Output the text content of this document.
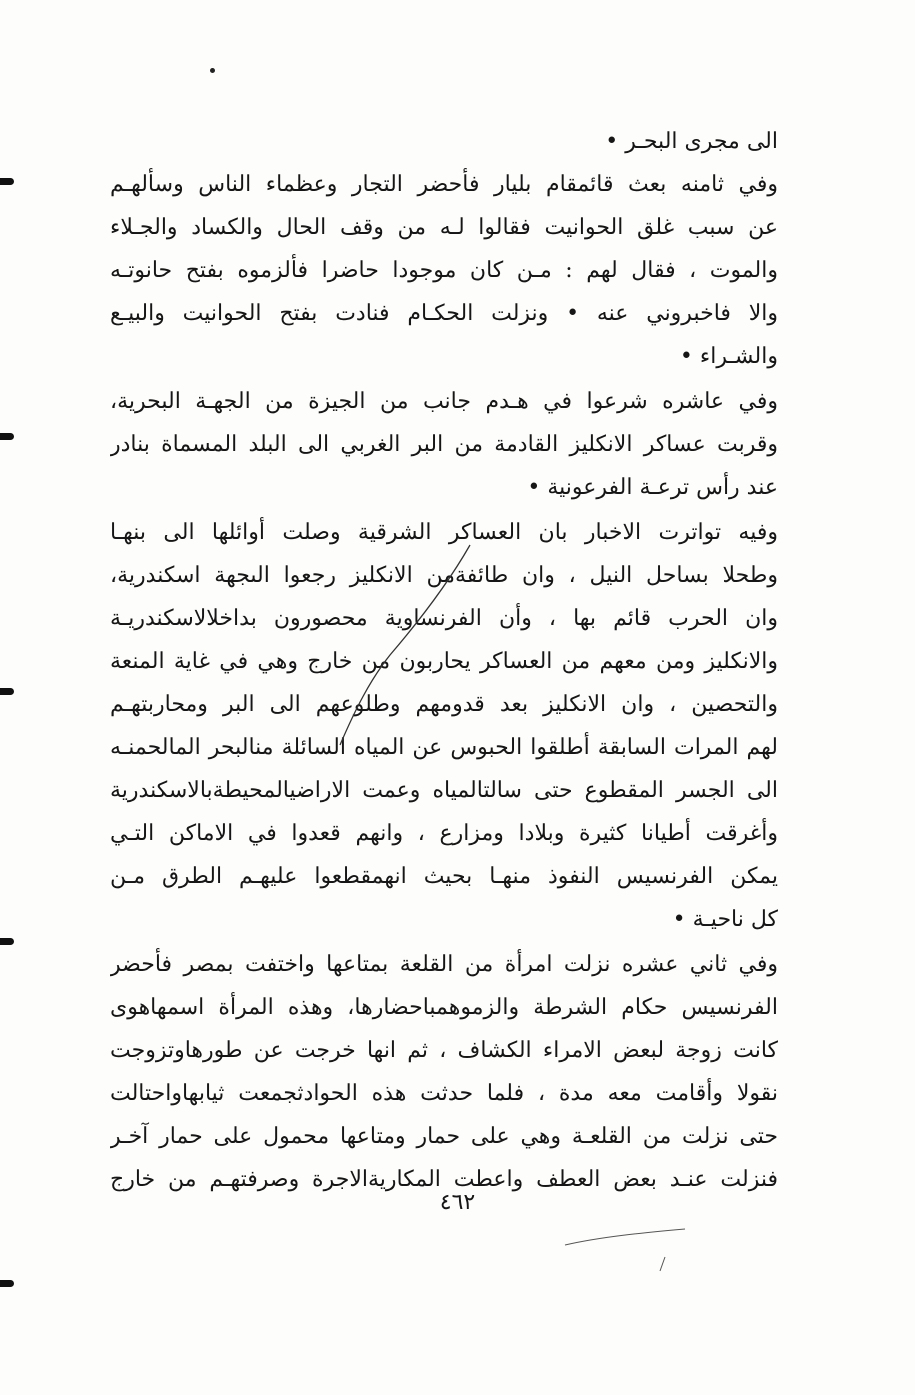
الى مجرى البحـر •
وفي ثامنه بعث قائمقام بليار فأحضر التجار وعظماء الناس وسألهـم
عن سبب غلق الحوانيت فقالوا لـه من وقف الحال والكساد والجـلاء
والموت ، فقال لهم : مـن كان موجودا حاضرا فألزموه بفتح حانوتـه
والا فاخبروني عنه • ونزلت الحكـام فنادت بفتح الحوانيت والبيـع
والشـراء •
وفي عاشره شرعوا في هـدم جانب من الجيزة من الجهـة البحرية،
وقربت عساكر الانكليز القادمة من البر الغربي الى البلد المسماة بنادر
عند رأس ترعـة الفرعونية •
وفيه تواترت الاخبار بان العساكر الشرقية وصلت أوائلها الى بنهـا
وطحلا بساحل النيل ، وان طائفةمن الانكليز رجعوا الىجهة اسكندرية،
وان الحرب قائم بها ، وأن الفرنساوية محصورون بداخلالاسكندريـة
والانكليز ومن معهم من العساكر يحاربون من خارج وهي في غاية المنعة
والتحصين ، وان الانكليز بعد قدومهم وطلوعهم الى البر ومحاربتهـم
لهم المرات السابقة أطلقوا الحبوس عن المياه السائلة منالبحر المالحمنـه
الى الجسر المقطوع حتى سالتالمياه وعمت الاراضيالمحيطةبالاسكندرية
وأغرقت أطيانا كثيرة وبلادا ومزارع ، وانهم قعدوا في الاماكن التـي
يمكن الفرنسيس النفوذ منهـا بحيث انهمقطعوا عليهـم الطرق مـن
كل ناحيـة •
وفي ثاني عشره نزلت امرأة من القلعة بمتاعها واختفت بمصر فأحضر
الفرنسيس حكام الشرطة والزموهمباحضارها، وهذه المرأة اسمهاهوى
كانت زوجة لبعض الامراء الكشاف ، ثم انها خرجت عن طورهاوتزوجت
نقولا وأقامت معه مدة ، فلما حدثت هذه الحوادثجمعت ثيابهاواحتالت
حتى نزلت من القلعـة وهي على حمار ومتاعها محمول على حمار آخـر
فنزلت عنـد بعض العطف واعطت المكاريةالاجرة وصرفتهـم من خارج
٤٦٢
